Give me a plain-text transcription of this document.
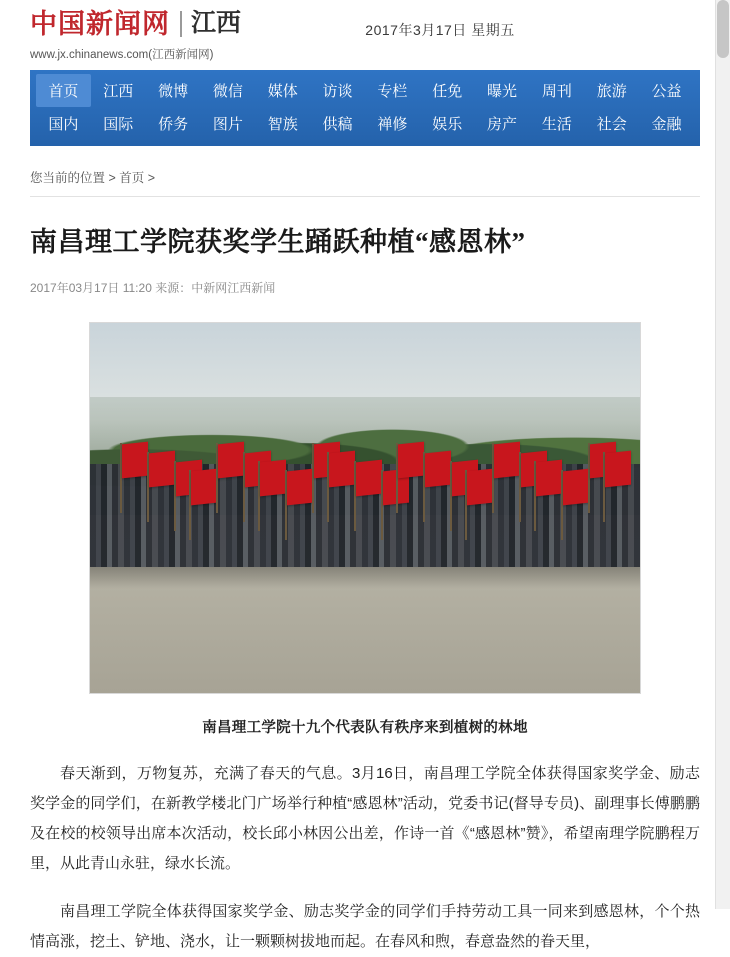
中国新闻网 江西
www.jx.chinanews.com(江西新闻网)
2017年3月17日 星期五
首页	江西	微博	微信	媒体	访谈	专栏	任免	曝光	周刊	旅游	公益
国内	国际	侨务	图片	智族	供稿	禅修	娱乐	房产	生活	社会	金融
您当前的位置 > 首页 >
南昌理工学院获奖学生踊跃种植“感恩林”
2017年03月17日 11:20 来源：中新网江西新闻
南昌理工学院十九个代表队有秩序来到植树的林地

春天渐到，万物复苏，充满了春天的气息。3月16日，南昌理工学院全体获得国家奖学金、励志奖学金的同学们，在新教学楼北门广场举行种植“感恩林”活动，党委书记(督导专员)、副理事长傅鹏鹏及在校的校领导出席本次活动，校长邱小林因公出差，作诗一首《“感恩林”赞》，希望南理学院鹏程万里，从此青山永驻，绿水长流。

南昌理工学院全体获得国家奖学金、励志奖学金的同学们手持劳动工具一同来到感恩林，个个热情高涨，挖土、铲地、浇水，让一颗颗树拔地而起。在春风和煦，春意盎然的眷天里，
